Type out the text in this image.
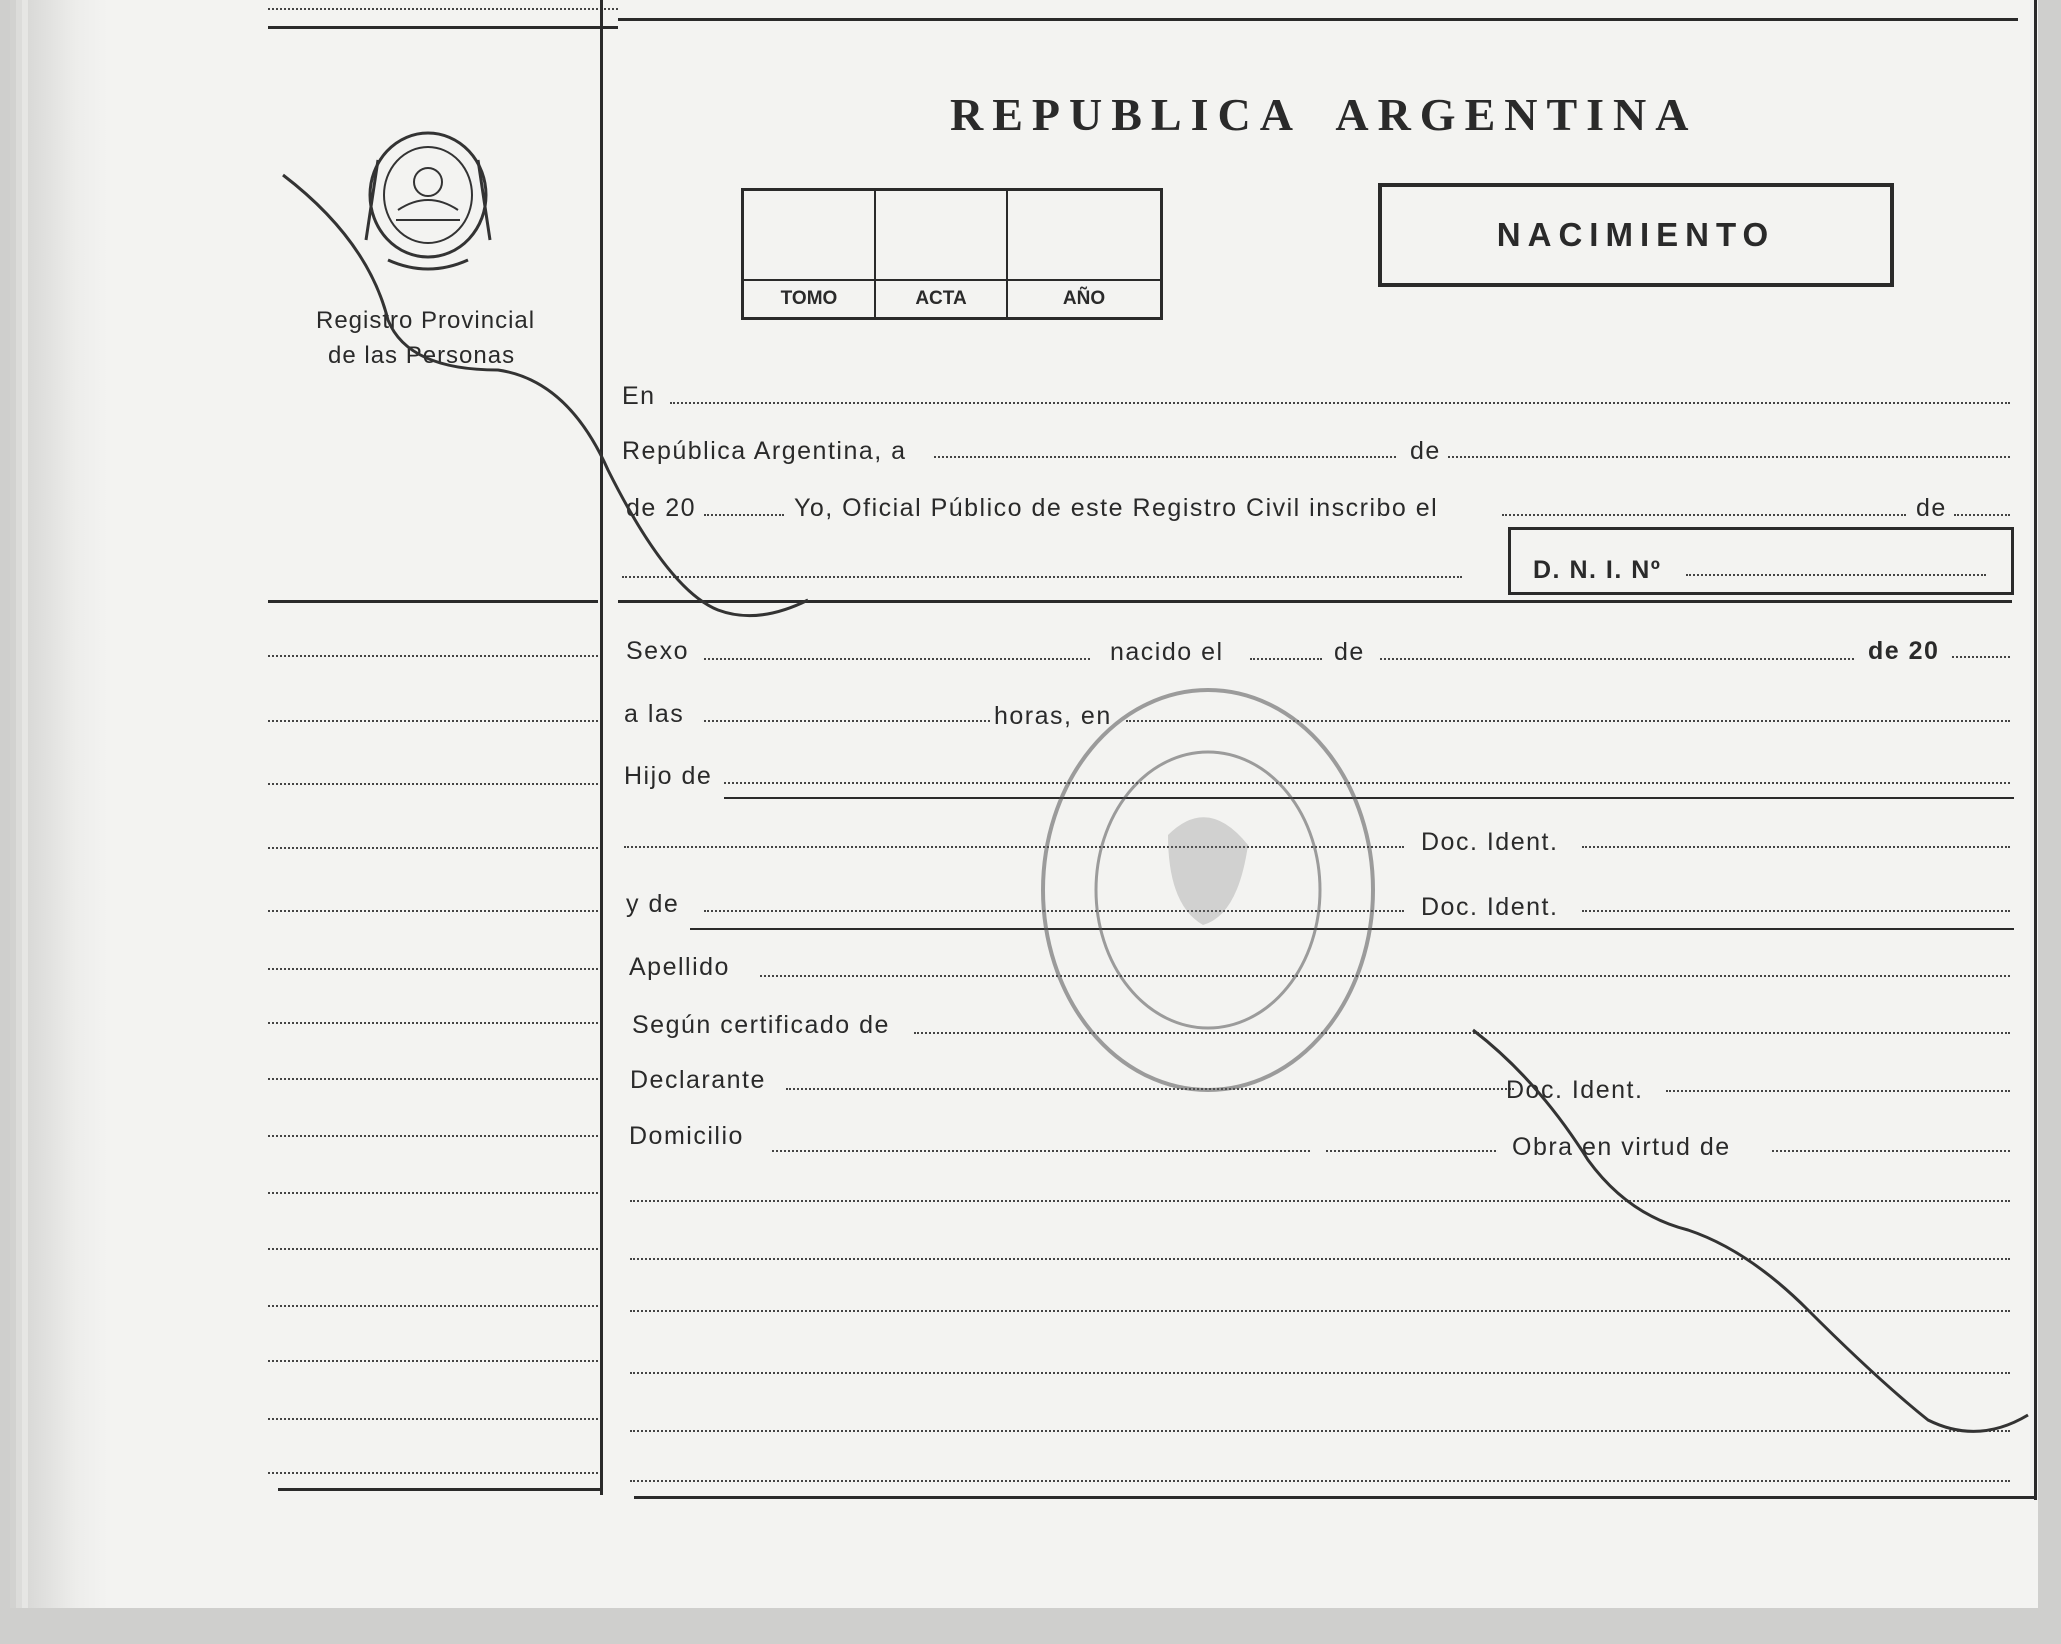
Registro Provincial
de las Personas
REPUBLICA ARGENTINA
TOMO	ACTA	AÑO
NACIMIENTO
En
República Argentina, a	de
de 20	Yo, Oficial Público de este Registro Civil inscribo el	de
D. N. I. Nº
Sexo	nacido el	de	de 20
a las	horas, en
Hijo de
Doc. Ident.
y de	Doc. Ident.
Apellido
Según certificado de
Declarante	Doc. Ident.
Domicilio	Obra en virtud de
